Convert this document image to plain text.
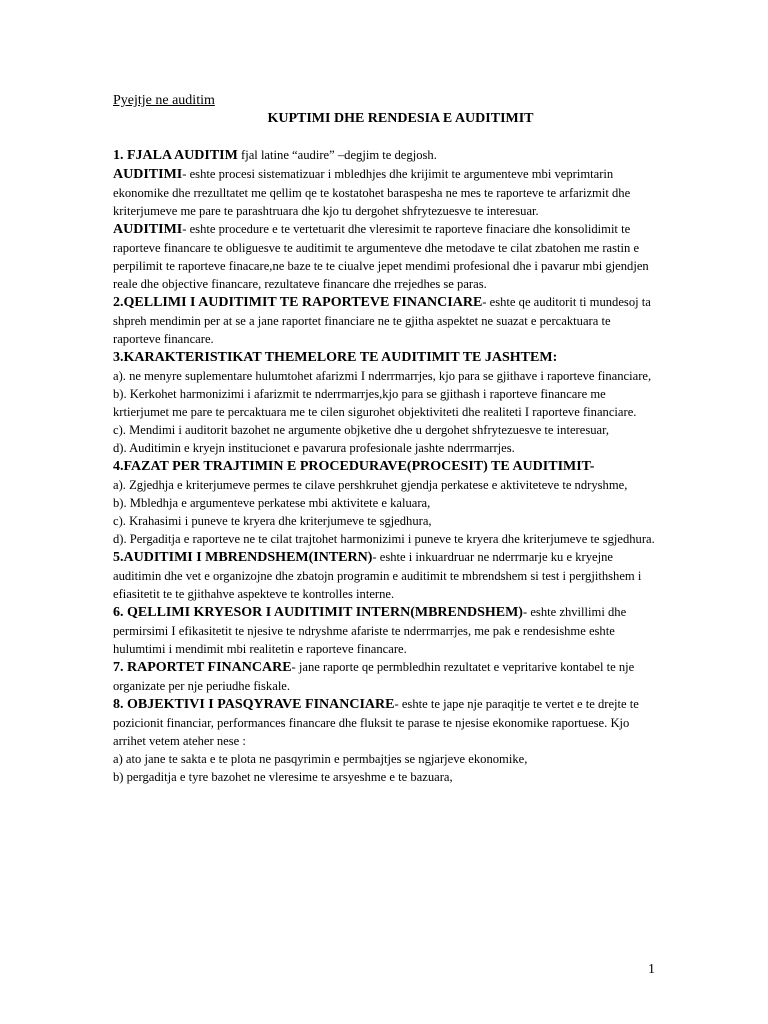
Pyejtje ne auditim

KUPTIMI DHE RENDESIA E AUDITIMIT

1. FJALA AUDITIM fjal latine “audire” –degjim te degjosh.

AUDITIMI- eshte procesi sistematizuar i mbledhjes dhe krijimit te argumenteve mbi veprimtarin ekonomike dhe rrezulltatet me qellim qe te kostatohet baraspesha ne mes te raporteve te arfarizmit dhe kriterjumeve me pare te parashtruara dhe kjo tu dergohet shfrytezuesve te interesuar.

AUDITIMI- eshte procedure e te vertetuarit dhe vleresimit te raporteve finaciare dhe konsolidimit te raporteve financare te obliguesve te auditimit te argumenteve dhe metodave te cilat zbatohen me rastin e perpilimit te raporteve finacare,ne baze te te ciualve jepet mendimi profesional dhe i pavarur mbi gjendjen reale dhe objective financare, rezultateve financare dhe rrejedhes se paras.

2.QELLIMI I AUDITIMIT TE RAPORTEVE FINANCIARE- eshte qe auditorit ti mundesoj ta shpreh mendimin per at se a jane raportet financiare ne te gjitha aspektet ne suazat e percaktuara te raporteve financare.

3.KARAKTERISTIKAT THEMELORE TE AUDITIMIT TE JASHTEM:

a). ne menyre suplementare hulumtohet afarizmi I nderrmarrjes, kjo para se gjithave i raporteve financiare,

b). Kerkohet harmonizimi i afarizmit te nderrmarrjes,kjo para se gjithash i raporteve financare me krtierjumet me pare te percaktuara me te cilen sigurohet objektiviteti dhe realiteti I raporteve financiare.

c). Mendimi i auditorit bazohet ne argumente objketive dhe u dergohet shfrytezuesve te interesuar,

d). Auditimin e kryejn institucionet e pavarura profesionale jashte nderrmarrjes.

4.FAZAT PER TRAJTIMIN E PROCEDURAVE(PROCESIT) TE AUDITIMIT-

a). Zgjedhja e kriterjumeve permes te cilave pershkruhet gjendja perkatese e aktiviteteve te ndryshme,

b). Mbledhja e argumenteve perkatese mbi aktivitete e kaluara,

c). Krahasimi i puneve te kryera dhe kriterjumeve te sgjedhura,

d). Pergaditja e raporteve ne te cilat trajtohet harmonizimi i puneve te kryera dhe kriterjumeve te sgjedhura.

5.AUDITIMI I MBRENDSHEM(INTERN)- eshte i inkuardruar ne nderrmarje ku e kryejne auditimin dhe vet e organizojne dhe zbatojn programin e auditimit te mbrendshem si test i pergjithshem i efiasitetit te te gjithahve aspekteve te kontrolles interne.

6. QELLIMI KRYESOR I AUDITIMIT INTERN(MBRENDSHEM)- eshte zhvillimi dhe permirsimi I efikasitetit te njesive te ndryshme afariste te nderrmarrjes, me pak e rendesishme eshte hulumtimi i mendimit mbi realitetin e raporteve financare.

7. RAPORTET FINANCARE- jane raporte qe permbledhin rezultatet e vepritarive kontabel te nje organizate per nje periudhe fiskale.

8. OBJEKTIVI I PASQYRAVE FINANCIARE- eshte te jape nje paraqitje te vertet e te drejte te pozicionit financiar, performances financare dhe fluksit te parase te njesise ekonomike raportuese. Kjo arrihet vetem ateher nese :

a) ato jane te sakta e te plota ne pasqyrimin e permbajtjes se ngjarjeve ekonomike,

b) pergaditja e tyre bazohet ne vleresime te arsyeshme e te bazuara,

1
